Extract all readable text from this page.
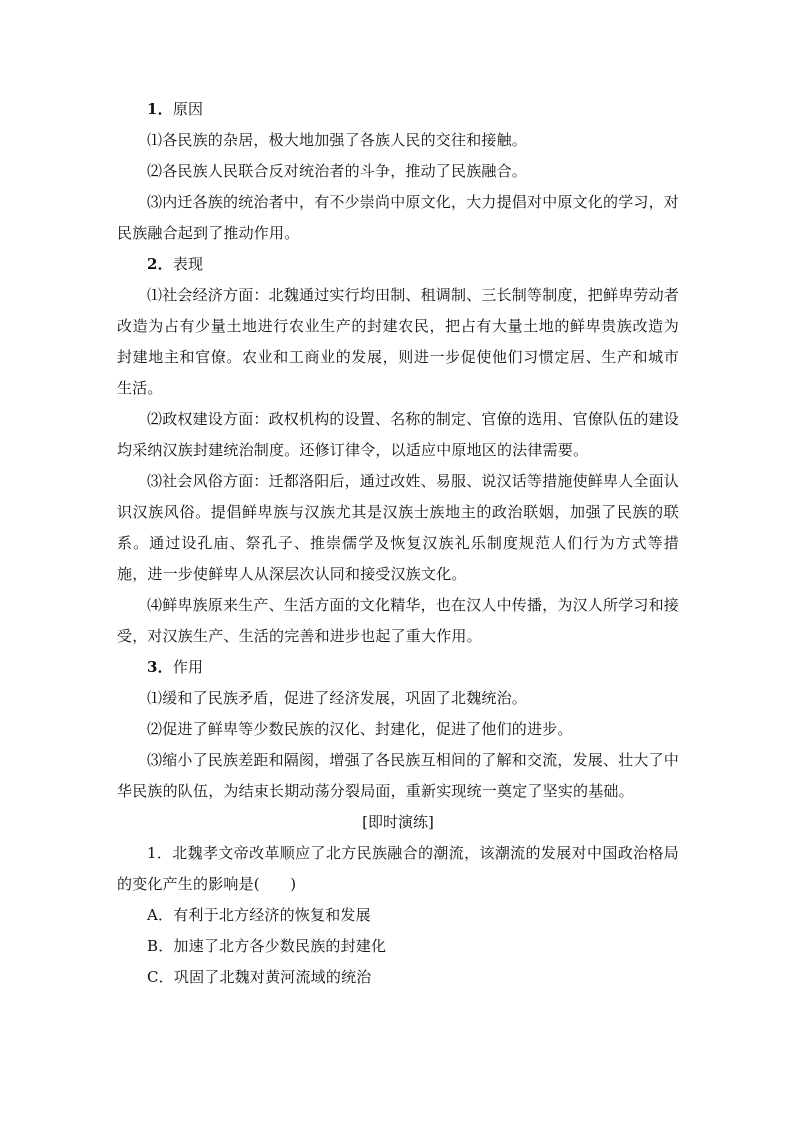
1．原因
⑴各民族的杂居，极大地加强了各族人民的交往和接触。
⑵各民族人民联合反对统治者的斗争，推动了民族融合。
⑶内迁各族的统治者中，有不少崇尚中原文化，大力提倡对中原文化的学习，对民族融合起到了推动作用。
2．表现
⑴社会经济方面：北魏通过实行均田制、租调制、三长制等制度，把鲜卑劳动者改造为占有少量土地进行农业生产的封建农民，把占有大量土地的鲜卑贵族改造为封建地主和官僚。农业和工商业的发展，则进一步促使他们习惯定居、生产和城市生活。
⑵政权建设方面：政权机构的设置、名称的制定、官僚的选用、官僚队伍的建设均采纳汉族封建统治制度。还修订律令，以适应中原地区的法律需要。
⑶社会风俗方面：迁都洛阳后，通过改姓、易服、说汉话等措施使鲜卑人全面认识汉族风俗。提倡鲜卑族与汉族尤其是汉族士族地主的政治联姻，加强了民族的联系。通过设孔庙、祭孔子、推崇儒学及恢复汉族礼乐制度规范人们行为方式等措施，进一步使鲜卑人从深层次认同和接受汉族文化。
⑷鲜卑族原来生产、生活方面的文化精华，也在汉人中传播，为汉人所学习和接受，对汉族生产、生活的完善和进步也起了重大作用。
3．作用
⑴缓和了民族矛盾，促进了经济发展，巩固了北魏统治。
⑵促进了鲜卑等少数民族的汉化、封建化，促进了他们的进步。
⑶缩小了民族差距和隔阂，增强了各民族互相间的了解和交流，发展、壮大了中华民族的队伍，为结束长期动荡分裂局面，重新实现统一奠定了坚实的基础。
[即时演练]
1．北魏孝文帝改革顺应了北方民族融合的潮流，该潮流的发展对中国政治格局的变化产生的影响是(　　)
A．有利于北方经济的恢复和发展
B．加速了北方各少数民族的封建化
C．巩固了北魏对黄河流域的统治
